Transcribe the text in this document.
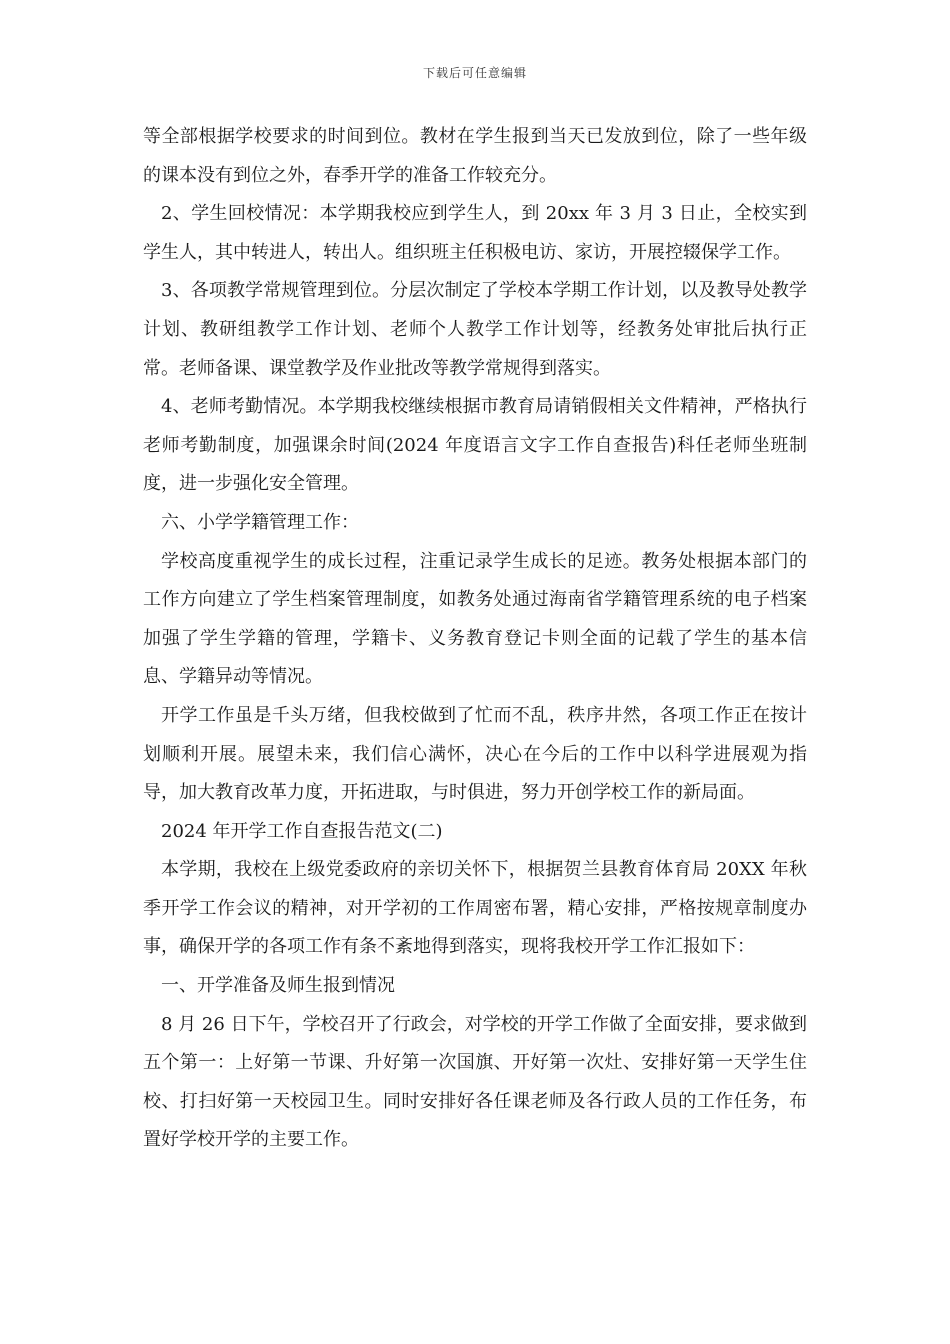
下载后可任意编辑

等全部根据学校要求的时间到位。教材在学生报到当天已发放到位，除了一些年级的课本没有到位之外，春季开学的准备工作较充分。

2、学生回校情况：本学期我校应到学生人，到 20xx 年 3 月 3 日止，全校实到学生人，其中转进人，转出人。组织班主任积极电访、家访，开展控辍保学工作。

3、各项教学常规管理到位。分层次制定了学校本学期工作计划，以及教导处教学计划、教研组教学工作计划、老师个人教学工作计划等，经教务处审批后执行正常。老师备课、课堂教学及作业批改等教学常规得到落实。

4、老师考勤情况。本学期我校继续根据市教育局请销假相关文件精神，严格执行老师考勤制度，加强课余时间(2024 年度语言文字工作自查报告)科任老师坐班制度，进一步强化安全管理。

六、小学学籍管理工作：

学校高度重视学生的成长过程，注重记录学生成长的足迹。教务处根据本部门的工作方向建立了学生档案管理制度，如教务处通过海南省学籍管理系统的电子档案加强了学生学籍的管理，学籍卡、义务教育登记卡则全面的记载了学生的基本信息、学籍异动等情况。

开学工作虽是千头万绪，但我校做到了忙而不乱，秩序井然，各项工作正在按计划顺利开展。展望未来，我们信心满怀，决心在今后的工作中以科学进展观为指导，加大教育改革力度，开拓进取，与时俱进，努力开创学校工作的新局面。

2024 年开学工作自查报告范文(二)

本学期，我校在上级党委政府的亲切关怀下，根据贺兰县教育体育局 20XX 年秋季开学工作会议的精神，对开学初的工作周密布署，精心安排，严格按规章制度办事，确保开学的各项工作有条不紊地得到落实，现将我校开学工作汇报如下：

一、开学准备及师生报到情况

8 月 26 日下午，学校召开了行政会，对学校的开学工作做了全面安排，要求做到五个第一：上好第一节课、升好第一次国旗、开好第一次灶、安排好第一天学生住校、打扫好第一天校园卫生。同时安排好各任课老师及各行政人员的工作任务，布置好学校开学的主要工作。
